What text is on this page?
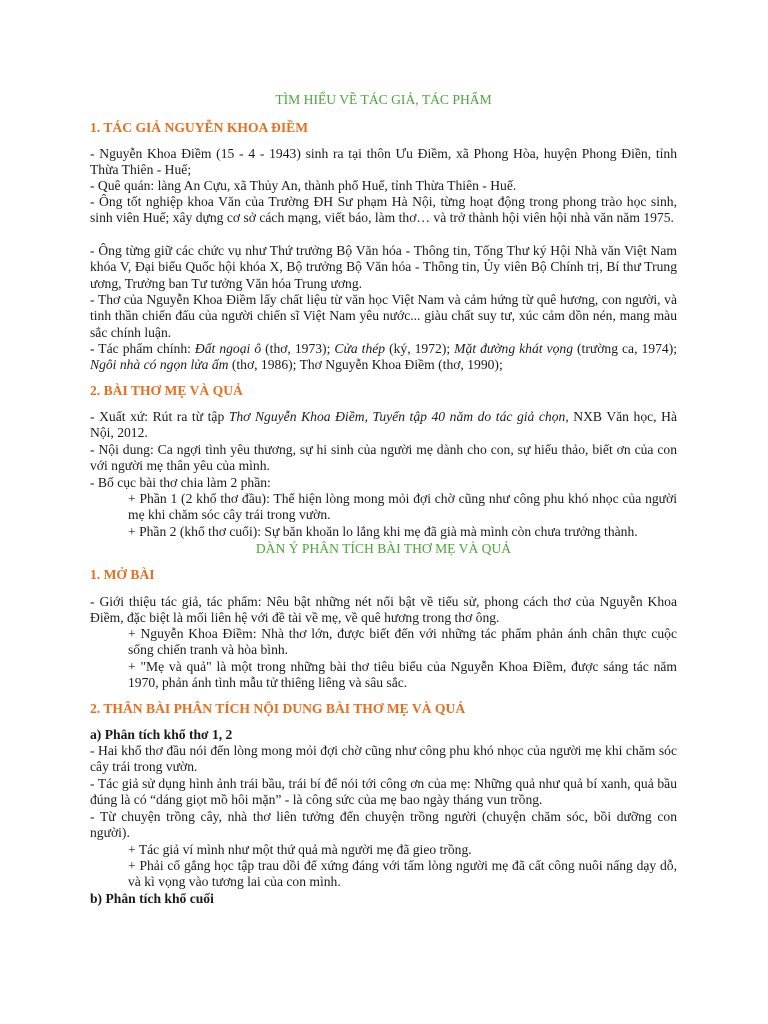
TÌM HIỂU VỀ TÁC GIẢ, TÁC PHẨM

1. TÁC GIẢ NGUYỄN KHOA ĐIỀM

- Nguyễn Khoa Điềm (15 - 4 - 1943) sinh ra tại thôn Ưu Điềm, xã Phong Hòa, huyện Phong Điền, tỉnh Thừa Thiên - Huế;

- Quê quán: làng An Cựu, xã Thủy An, thành phố Huế, tỉnh Thừa Thiên - Huế.

- Ông tốt nghiệp khoa Văn của Trường ĐH Sư phạm Hà Nội, từng hoạt động trong phong trào học sinh, sinh viên Huế; xây dựng cơ sở cách mạng, viết báo, làm thơ… và trở thành hội viên hội nhà văn năm 1975.

- Ông từng giữ các chức vụ như Thứ trưởng Bộ Văn hóa - Thông tin, Tổng Thư ký Hội Nhà văn Việt Nam khóa V, Đại biểu Quốc hội khóa X, Bộ trưởng Bộ Văn hóa - Thông tin, Ủy viên Bộ Chính trị, Bí thư Trung ương, Trưởng ban Tư tưởng Văn hóa Trung ương.

- Thơ của Nguyễn Khoa Điềm lấy chất liệu từ văn học Việt Nam và cảm hứng từ quê hương, con người, và tinh thần chiến đấu của người chiến sĩ Việt Nam yêu nước... giàu chất suy tư, xúc cảm dồn nén, mang màu sắc chính luận.

- Tác phẩm chính: Đất ngoại ô (thơ, 1973); Cửa thép (ký, 1972); Mặt đường khát vọng (trường ca, 1974); Ngôi nhà có ngọn lửa ấm (thơ, 1986); Thơ Nguyễn Khoa Điềm (thơ, 1990);

2. BÀI THƠ MẸ VÀ QUẢ

- Xuất xứ: Rút ra từ tập Thơ Nguyễn Khoa Điềm, Tuyển tập 40 năm do tác giả chọn, NXB Văn học, Hà Nội, 2012.

- Nội dung: Ca ngợi tình yêu thương, sự hi sinh của người mẹ dành cho con, sự hiếu thảo, biết ơn của con với người mẹ thân yêu của mình.

- Bố cục bài thơ chia làm 2 phần:

+ Phần 1 (2 khổ thơ đầu): Thể hiện lòng mong mỏi đợi chờ cũng như công phu khó nhọc của người mẹ khi chăm sóc cây trái trong vườn.

+ Phần 2 (khổ thơ cuối): Sự băn khoăn lo lắng khi mẹ đã già mà mình còn chưa trưởng thành.

DÀN Ý PHÂN TÍCH BÀI THƠ MẸ VÀ QUẢ

1. MỞ BÀI

- Giới thiệu tác giả, tác phẩm: Nêu bật những nét nổi bật về tiểu sử, phong cách thơ của Nguyễn Khoa Điềm, đặc biệt là mối liên hệ với đề tài về mẹ, về quê hương trong thơ ông.

+ Nguyễn Khoa Điềm: Nhà thơ lớn, được biết đến với những tác phẩm phản ánh chân thực cuộc sống chiến tranh và hòa bình.

+ "Mẹ và quả" là một trong những bài thơ tiêu biểu của Nguyễn Khoa Điềm, được sáng tác năm 1970, phản ánh tình mẫu tử thiêng liêng và sâu sắc.

2. THÂN BÀI PHÂN TÍCH NỘI DUNG BÀI THƠ MẸ VÀ QUẢ

a) Phân tích khổ thơ 1, 2

- Hai khổ thơ đầu nói đến lòng mong mỏi đợi chờ cũng như công phu khó nhọc của người mẹ khi chăm sóc cây trái trong vườn.

- Tác giả sử dụng hình ảnh trái bầu, trái bí để nói tới công ơn của mẹ: Những quả như quả bí xanh, quả bầu đúng là có “dáng giọt mồ hôi mặn” - là công sức của mẹ bao ngày tháng vun trồng.

- Từ chuyện trồng cây, nhà thơ liên tưởng đến chuyện trồng người (chuyện chăm sóc, bồi dưỡng con người).

+ Tác giả ví mình như một thứ quả mà người mẹ đã gieo trồng.

+ Phải cố gắng học tập trau dồi để xứng đáng với tấm lòng người mẹ đã cất công nuôi nấng dạy dỗ, và kì vọng vào tương lai của con mình.

b) Phân tích khổ cuối
